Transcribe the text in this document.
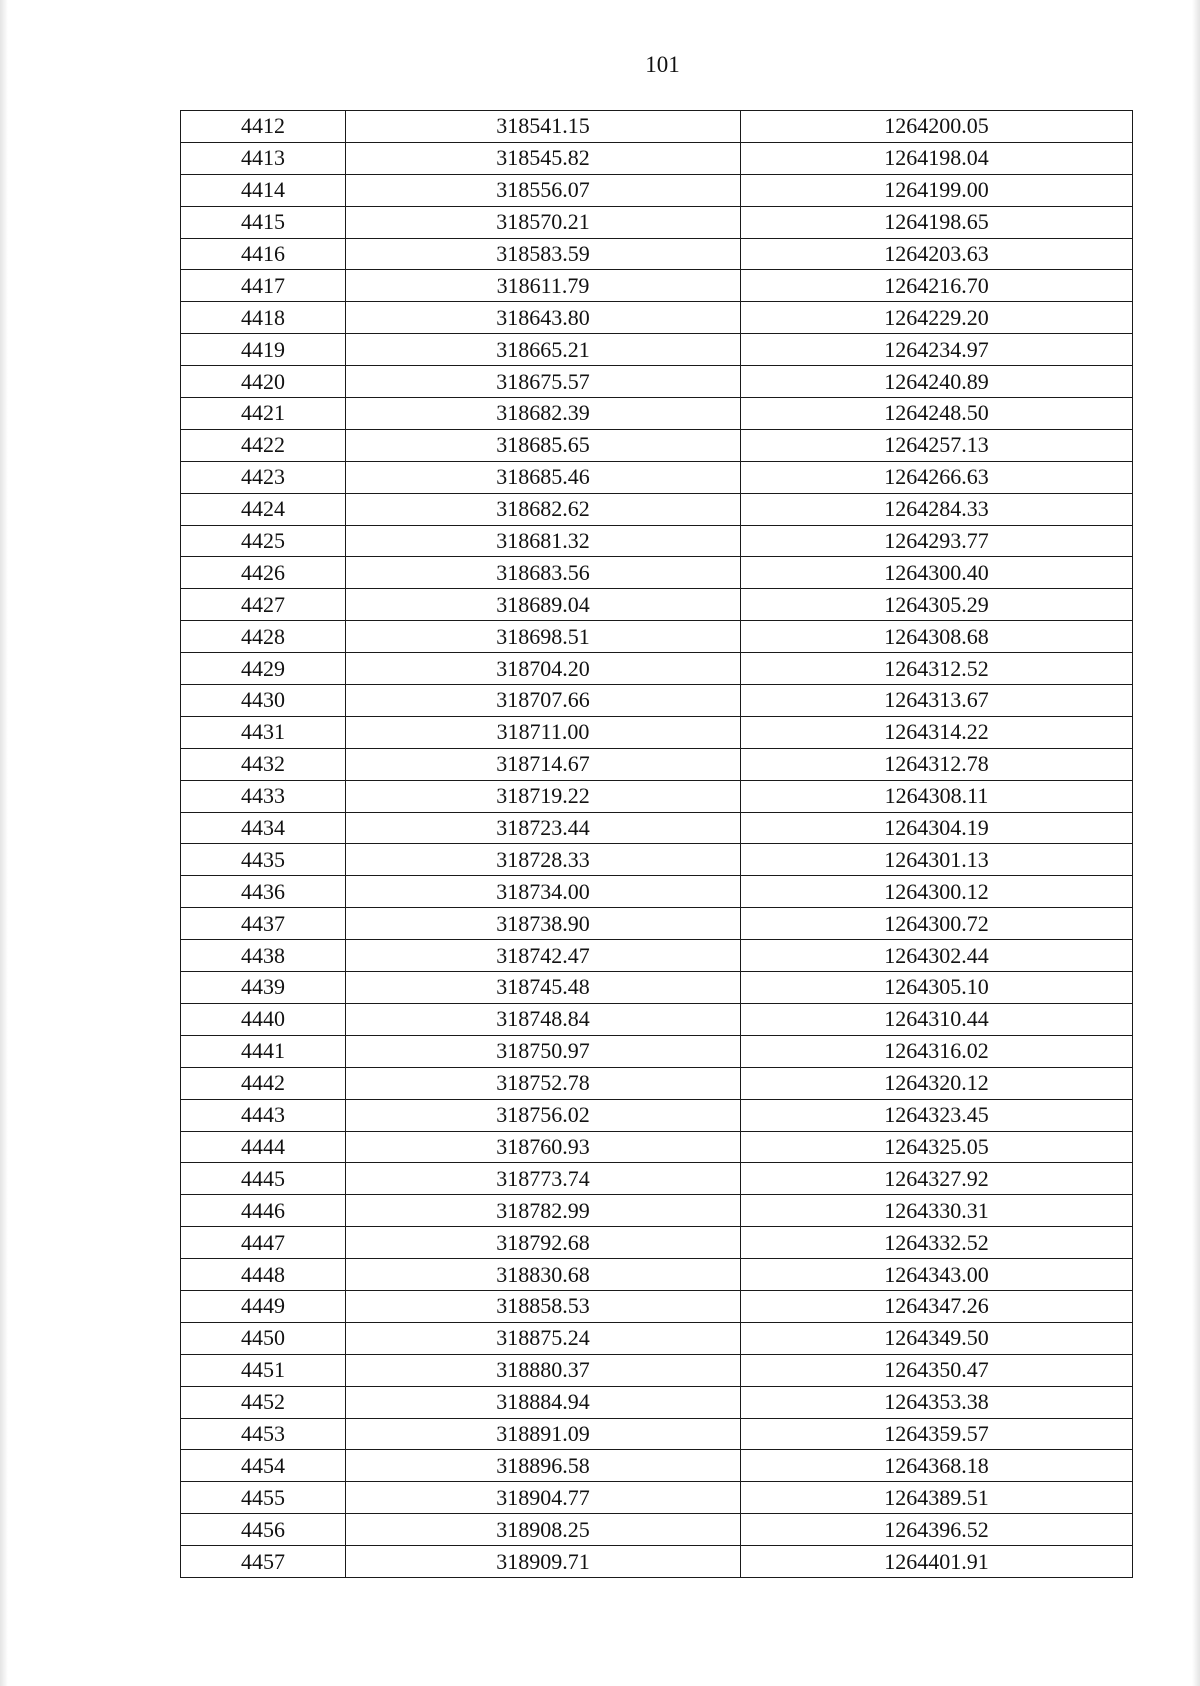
101
4412	318541.15	1264200.05
4413	318545.82	1264198.04
4414	318556.07	1264199.00
4415	318570.21	1264198.65
4416	318583.59	1264203.63
4417	318611.79	1264216.70
4418	318643.80	1264229.20
4419	318665.21	1264234.97
4420	318675.57	1264240.89
4421	318682.39	1264248.50
4422	318685.65	1264257.13
4423	318685.46	1264266.63
4424	318682.62	1264284.33
4425	318681.32	1264293.77
4426	318683.56	1264300.40
4427	318689.04	1264305.29
4428	318698.51	1264308.68
4429	318704.20	1264312.52
4430	318707.66	1264313.67
4431	318711.00	1264314.22
4432	318714.67	1264312.78
4433	318719.22	1264308.11
4434	318723.44	1264304.19
4435	318728.33	1264301.13
4436	318734.00	1264300.12
4437	318738.90	1264300.72
4438	318742.47	1264302.44
4439	318745.48	1264305.10
4440	318748.84	1264310.44
4441	318750.97	1264316.02
4442	318752.78	1264320.12
4443	318756.02	1264323.45
4444	318760.93	1264325.05
4445	318773.74	1264327.92
4446	318782.99	1264330.31
4447	318792.68	1264332.52
4448	318830.68	1264343.00
4449	318858.53	1264347.26
4450	318875.24	1264349.50
4451	318880.37	1264350.47
4452	318884.94	1264353.38
4453	318891.09	1264359.57
4454	318896.58	1264368.18
4455	318904.77	1264389.51
4456	318908.25	1264396.52
4457	318909.71	1264401.91
